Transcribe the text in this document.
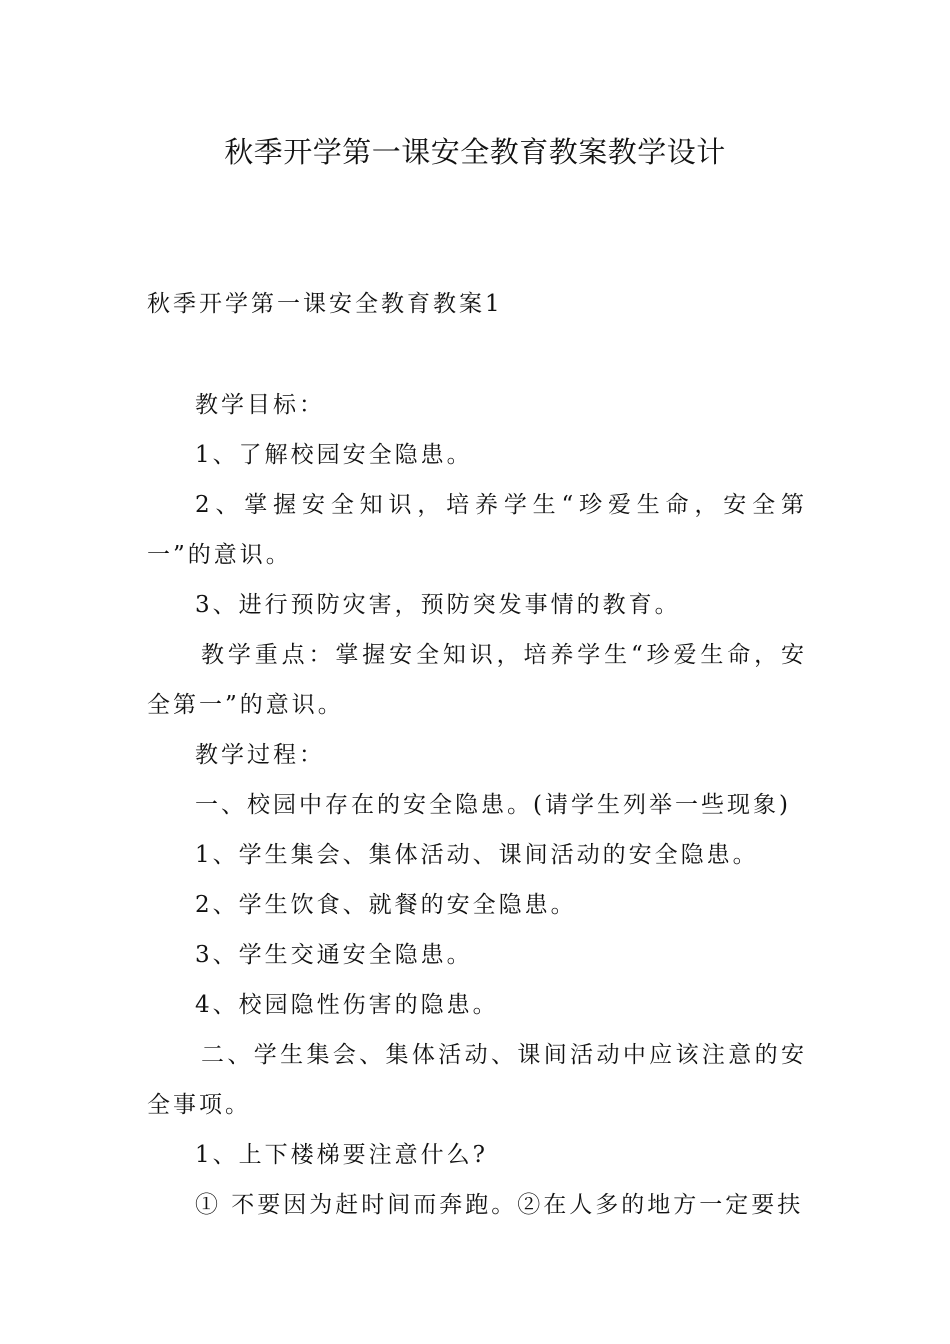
秋季开学第一课安全教育教案教学设计

秋季开学第一课安全教育教案1

教学目标：

1、了解校园安全隐患。

2、掌握安全知识，培养学生“珍爱生命，安全第一”的意识。

3、进行预防灾害，预防突发事情的教育。

教学重点：掌握安全知识，培养学生“珍爱生命，安全第一”的意识。

教学过程：

一、校园中存在的安全隐患。(请学生列举一些现象)

1、学生集会、集体活动、课间活动的安全隐患。

2、学生饮食、就餐的安全隐患。

3、学生交通安全隐患。

4、校园隐性伤害的隐患。

二、学生集会、集体活动、课间活动中应该注意的安全事项。

1、上下楼梯要注意什么?

① 不要因为赶时间而奔跑。②在人多的地方一定要扶
